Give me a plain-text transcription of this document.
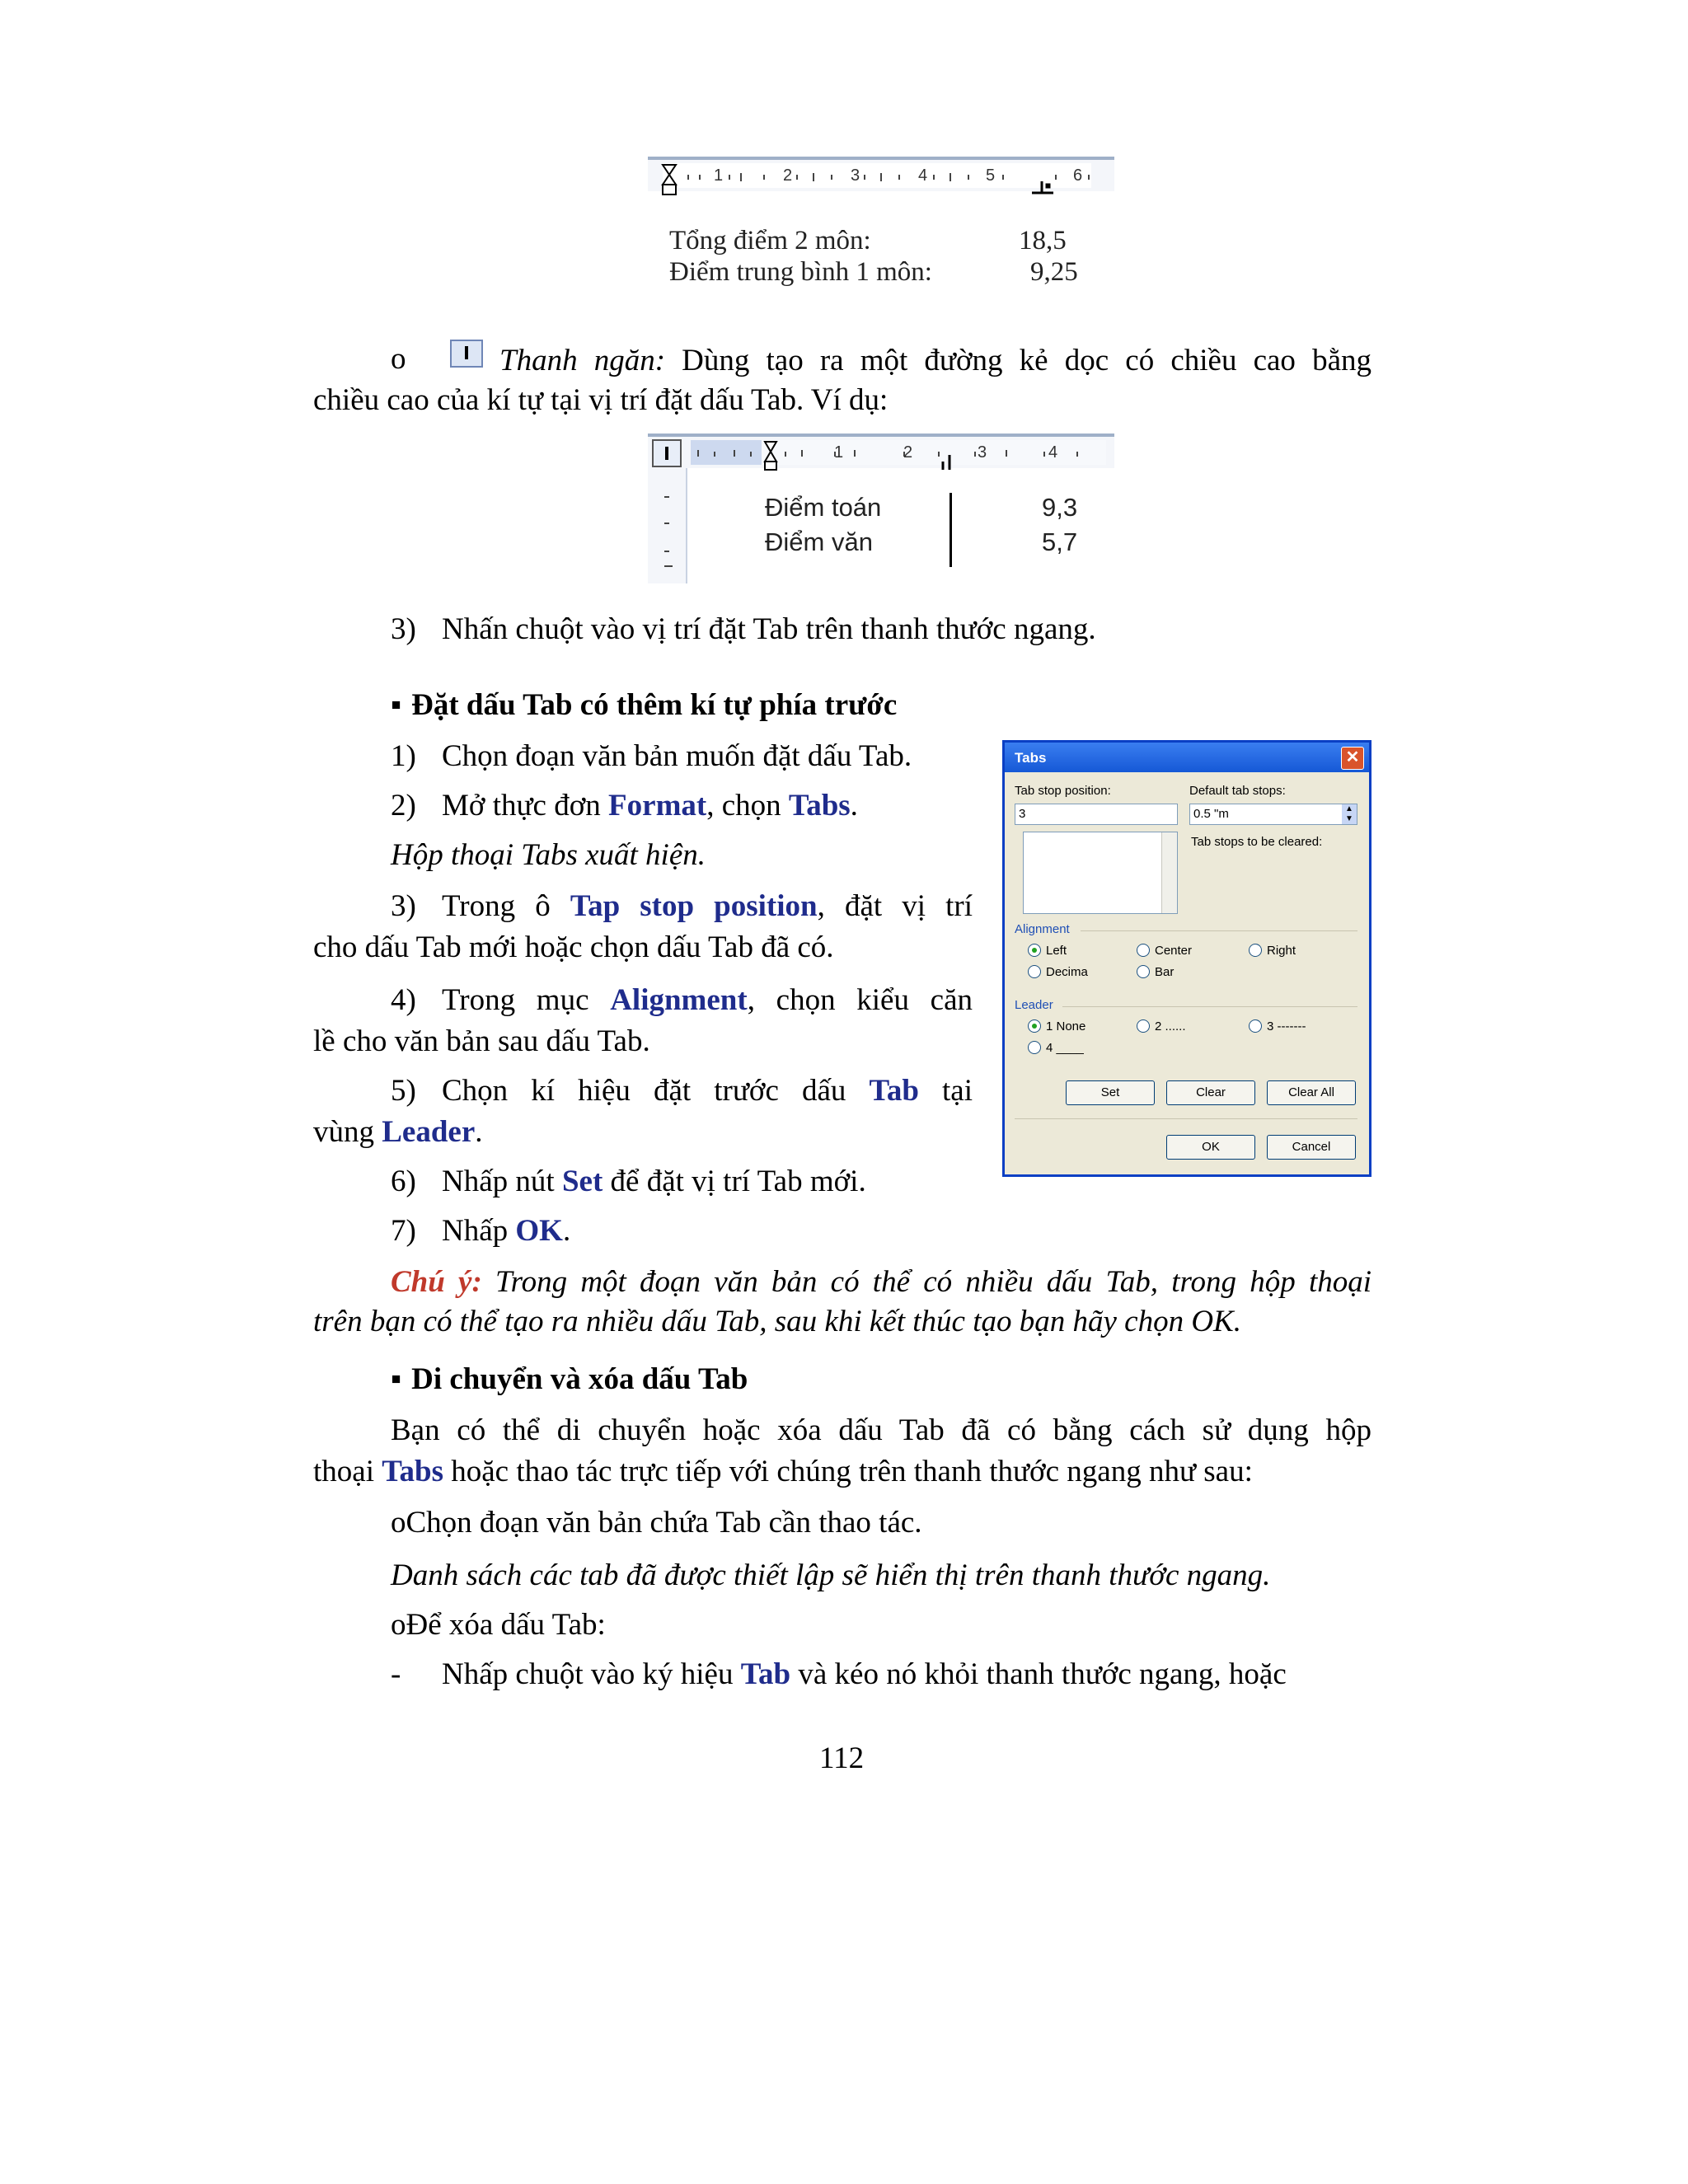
1	2	3	4	5	6
Tổng điểm 2 môn:	18,5
Điểm trung bình 1 môn:	9,25
o	Thanh ngăn: Dùng tạo ra một đường kẻ dọc có chiều cao bằng
chiều cao của kí tự tại vị trí đặt dấu Tab. Ví dụ:
1	2	3	4
Điểm toán	9,3
Điểm văn	5,7
3) Nhấn chuột vào vị trí đặt Tab trên thanh thước ngang.
▪ Đặt dấu Tab có thêm kí tự phía trước
1) Chọn đoạn văn bản muốn đặt dấu Tab.
2) Mở thực đơn Format, chọn Tabs.
Hộp thoại Tabs xuất hiện.
3) Trong ô Tap stop position, đặt vị trí
cho dấu Tab mới hoặc chọn dấu Tab đã có.
4) Trong mục Alignment, chọn kiểu căn
lề cho văn bản sau dấu Tab.
5) Chọn kí hiệu đặt trước dấu Tab tại
vùng Leader.
6) Nhấp nút Set để đặt vị trí Tab mới.
7) Nhấp OK.
Chú ý: Trong một đoạn văn bản có thể có nhiều dấu Tab, trong hộp thoại
trên bạn có thể tạo ra nhiều dấu Tab, sau khi kết thúc tạo bạn hãy chọn OK.
Tabs	✕
Tab stop position:
3
Default tab stops:
0.5 "m	▲
▼
Tab stops to be cleared:
Alignment
Left	Center	Right
Decima	Bar
Leader
1 None	2 ......	3 -------
4 ____
Set	Clear	Clear All
OK	Cancel
▪ Di chuyển và xóa dấu Tab
Bạn có thể di chuyển hoặc xóa dấu Tab đã có bằng cách sử dụng hộp
thoại Tabs hoặc thao tác trực tiếp với chúng trên thanh thước ngang như sau:
oChọn đoạn văn bản chứa Tab cần thao tác.
Danh sách các tab đã được thiết lập sẽ hiển thị trên thanh thước ngang.
oĐể xóa dấu Tab:
- Nhấp chuột vào ký hiệu Tab và kéo nó khỏi thanh thước ngang, hoặc
112
